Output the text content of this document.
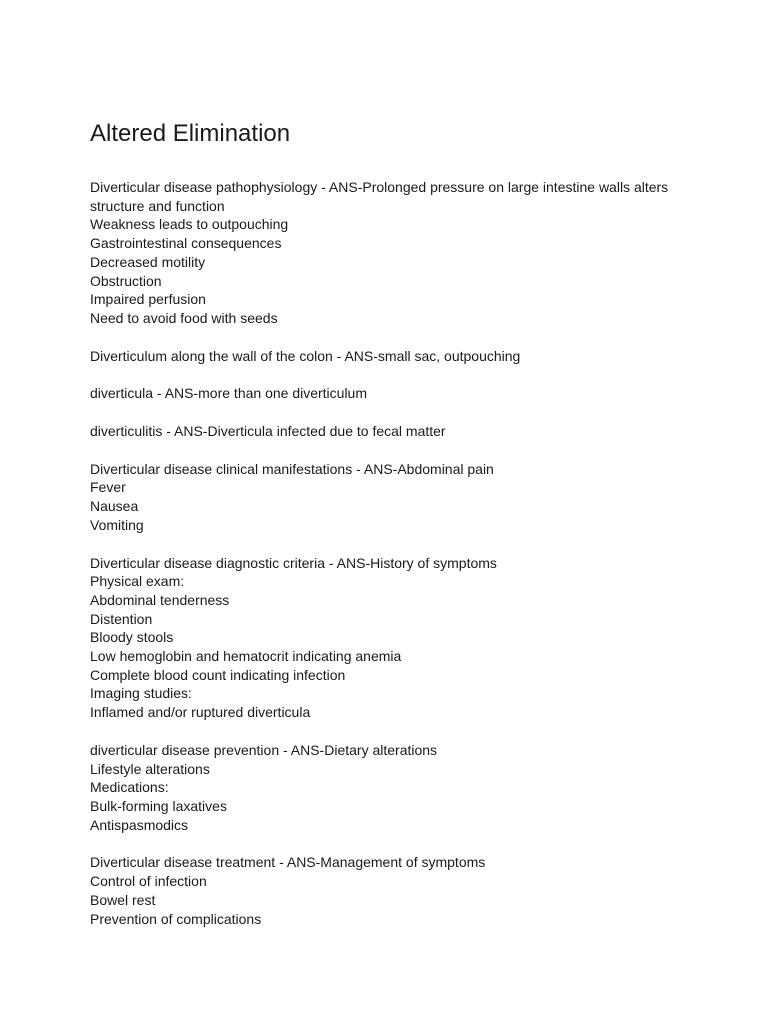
Altered Elimination

Diverticular disease pathophysiology - ANS-Prolonged pressure on large intestine walls alters structure and function

Weakness leads to outpouching

Gastrointestinal consequences

Decreased motility

Obstruction

Impaired perfusion

Need to avoid food with seeds

Diverticulum along the wall of the colon - ANS-small sac, outpouching

diverticula - ANS-more than one diverticulum

diverticulitis - ANS-Diverticula infected due to fecal matter

Diverticular disease clinical manifestations - ANS-Abdominal pain

Fever

Nausea

Vomiting

Diverticular disease diagnostic criteria - ANS-History of symptoms

Physical exam:

Abdominal tenderness

Distention

Bloody stools

Low hemoglobin and hematocrit indicating anemia

Complete blood count indicating infection

Imaging studies:

Inflamed and/or ruptured diverticula

diverticular disease prevention - ANS-Dietary alterations

Lifestyle alterations

Medications:

Bulk-forming laxatives

Antispasmodics

Diverticular disease treatment - ANS-Management of symptoms

Control of infection

Bowel rest

Prevention of complications
